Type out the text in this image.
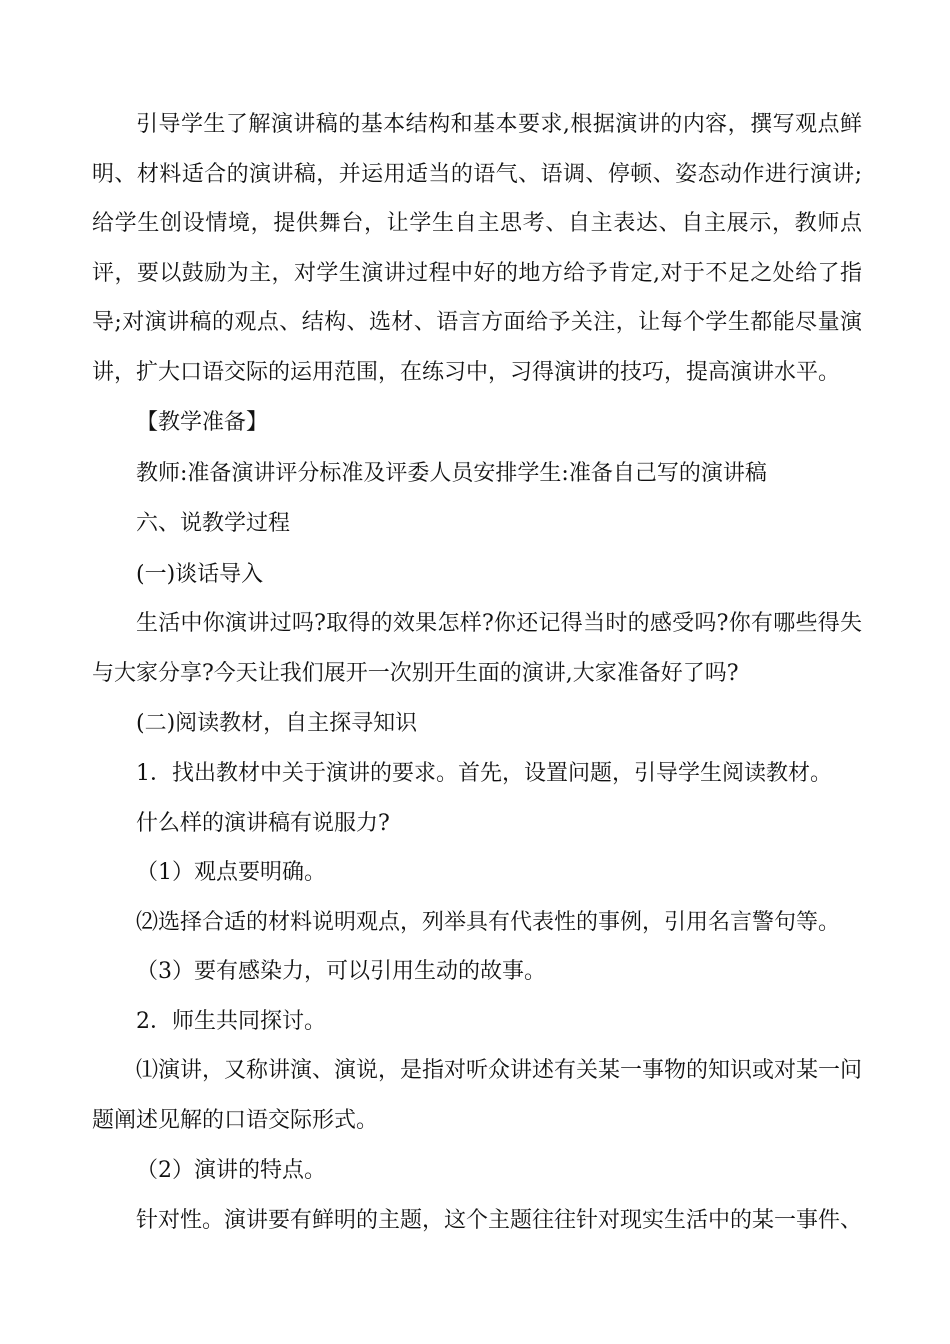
引导学生了解演讲稿的基本结构和基本要求,根据演讲的内容，撰写观点鲜明、材料适合的演讲稿，并运用适当的语气、语调、停顿、姿态动作进行演讲;给学生创设情境，提供舞台，让学生自主思考、自主表达、自主展示，教师点评，要以鼓励为主，对学生演讲过程中好的地方给予肯定,对于不足之处给了指导;对演讲稿的观点、结构、选材、语言方面给予关注，让每个学生都能尽量演讲，扩大口语交际的运用范围，在练习中，习得演讲的技巧，提高演讲水平。

【教学准备】

教师:准备演讲评分标准及评委人员安排学生:准备自己写的演讲稿

六、说教学过程

(一)谈话导入

生活中你演讲过吗?取得的效果怎样?你还记得当时的感受吗?你有哪些得失与大家分享?今天让我们展开一次别开生面的演讲,大家准备好了吗?

(二)阅读教材，自主探寻知识

1．找出教材中关于演讲的要求。首先，设置问题，引导学生阅读教材。

什么样的演讲稿有说服力?

（1）观点要明确。

⑵选择合适的材料说明观点，列举具有代表性的事例，引用名言警句等。

（3）要有感染力，可以引用生动的故事。

2．师生共同探讨。

⑴演讲，又称讲演、演说，是指对听众讲述有关某一事物的知识或对某一问题阐述见解的口语交际形式。

（2）演讲的特点。

针对性。演讲要有鲜明的主题，这个主题往往针对现实生活中的某一事件、
